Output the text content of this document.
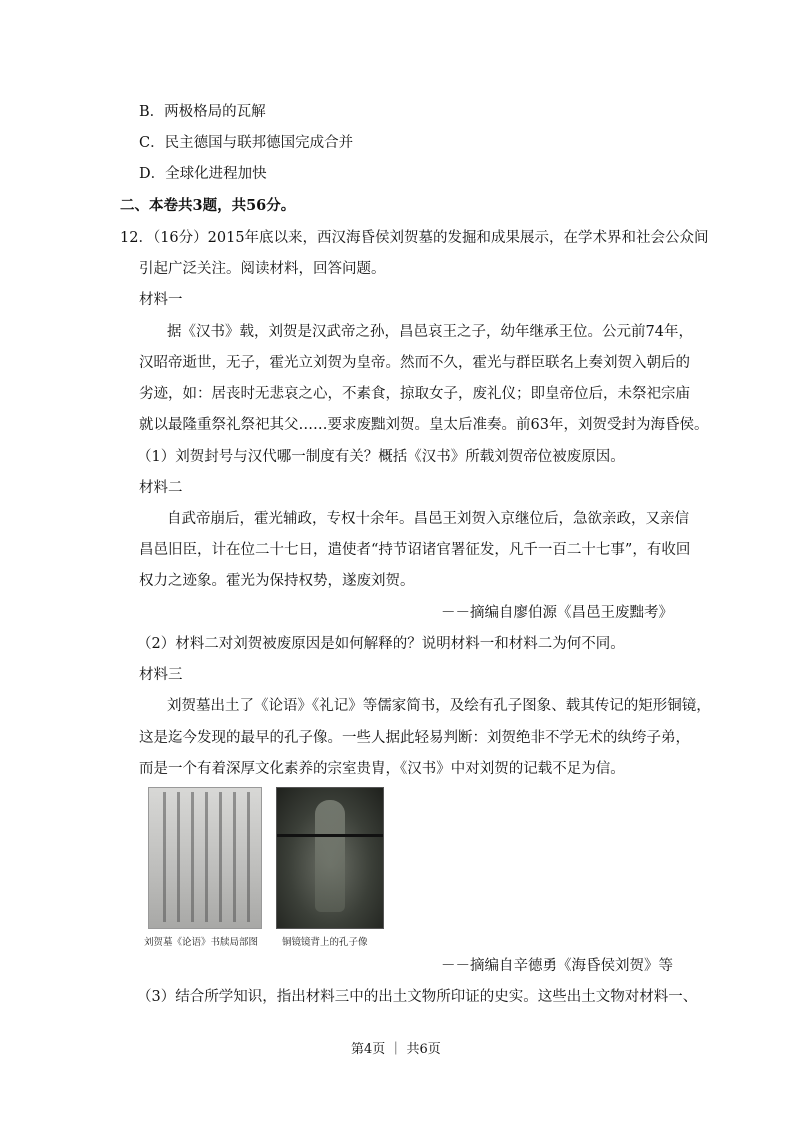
B．两极格局的瓦解
C．民主德国与联邦德国完成合并
D．全球化进程加快
二、本卷共3题，共56分。
12．（16分）2015年底以来，西汉海昏侯刘贺墓的发掘和成果展示，在学术界和社会公众间
引起广泛关注。阅读材料，回答问题。
材料一
据《汉书》载，刘贺是汉武帝之孙，昌邑哀王之子，幼年继承王位。公元前74年，
汉昭帝逝世，无子，霍光立刘贺为皇帝。然而不久，霍光与群臣联名上奏刘贺入朝后的
劣迹，如：居丧时无悲哀之心，不素食，掠取女子，废礼仪；即皇帝位后，未祭祀宗庙
就以最隆重祭礼祭祀其父……要求废黜刘贺。皇太后准奏。前63年，刘贺受封为海昏侯。
（1）刘贺封号与汉代哪一制度有关？概括《汉书》所载刘贺帝位被废原因。
材料二
自武帝崩后，霍光辅政，专权十余年。昌邑王刘贺入京继位后，急欲亲政，又亲信
昌邑旧臣，计在位二十七日，遣使者“持节诏诸官署征发，凡千一百二十七事”，有收回
权力之迹象。霍光为保持权势，遂废刘贺。
－－摘编自廖伯源《昌邑王废黜考》
（2）材料二对刘贺被废原因是如何解释的？说明材料一和材料二为何不同。
材料三
刘贺墓出土了《论语》《礼记》等儒家简书，及绘有孔子图象、载其传记的矩形铜镜，
这是迄今发现的最早的孔子像。一些人据此轻易判断：刘贺绝非不学无术的纨绔子弟，
而是一个有着深厚文化素养的宗室贵胄，《汉书》中对刘贺的记载不足为信。
刘贺墓《论语》书牍局部图	铜镜镜背上的孔子像
－－摘编自辛德勇《海昏侯刘贺》等
（3）结合所学知识，指出材料三中的出土文物所印证的史实。这些出土文物对材料一、
第4页 ｜ 共6页
